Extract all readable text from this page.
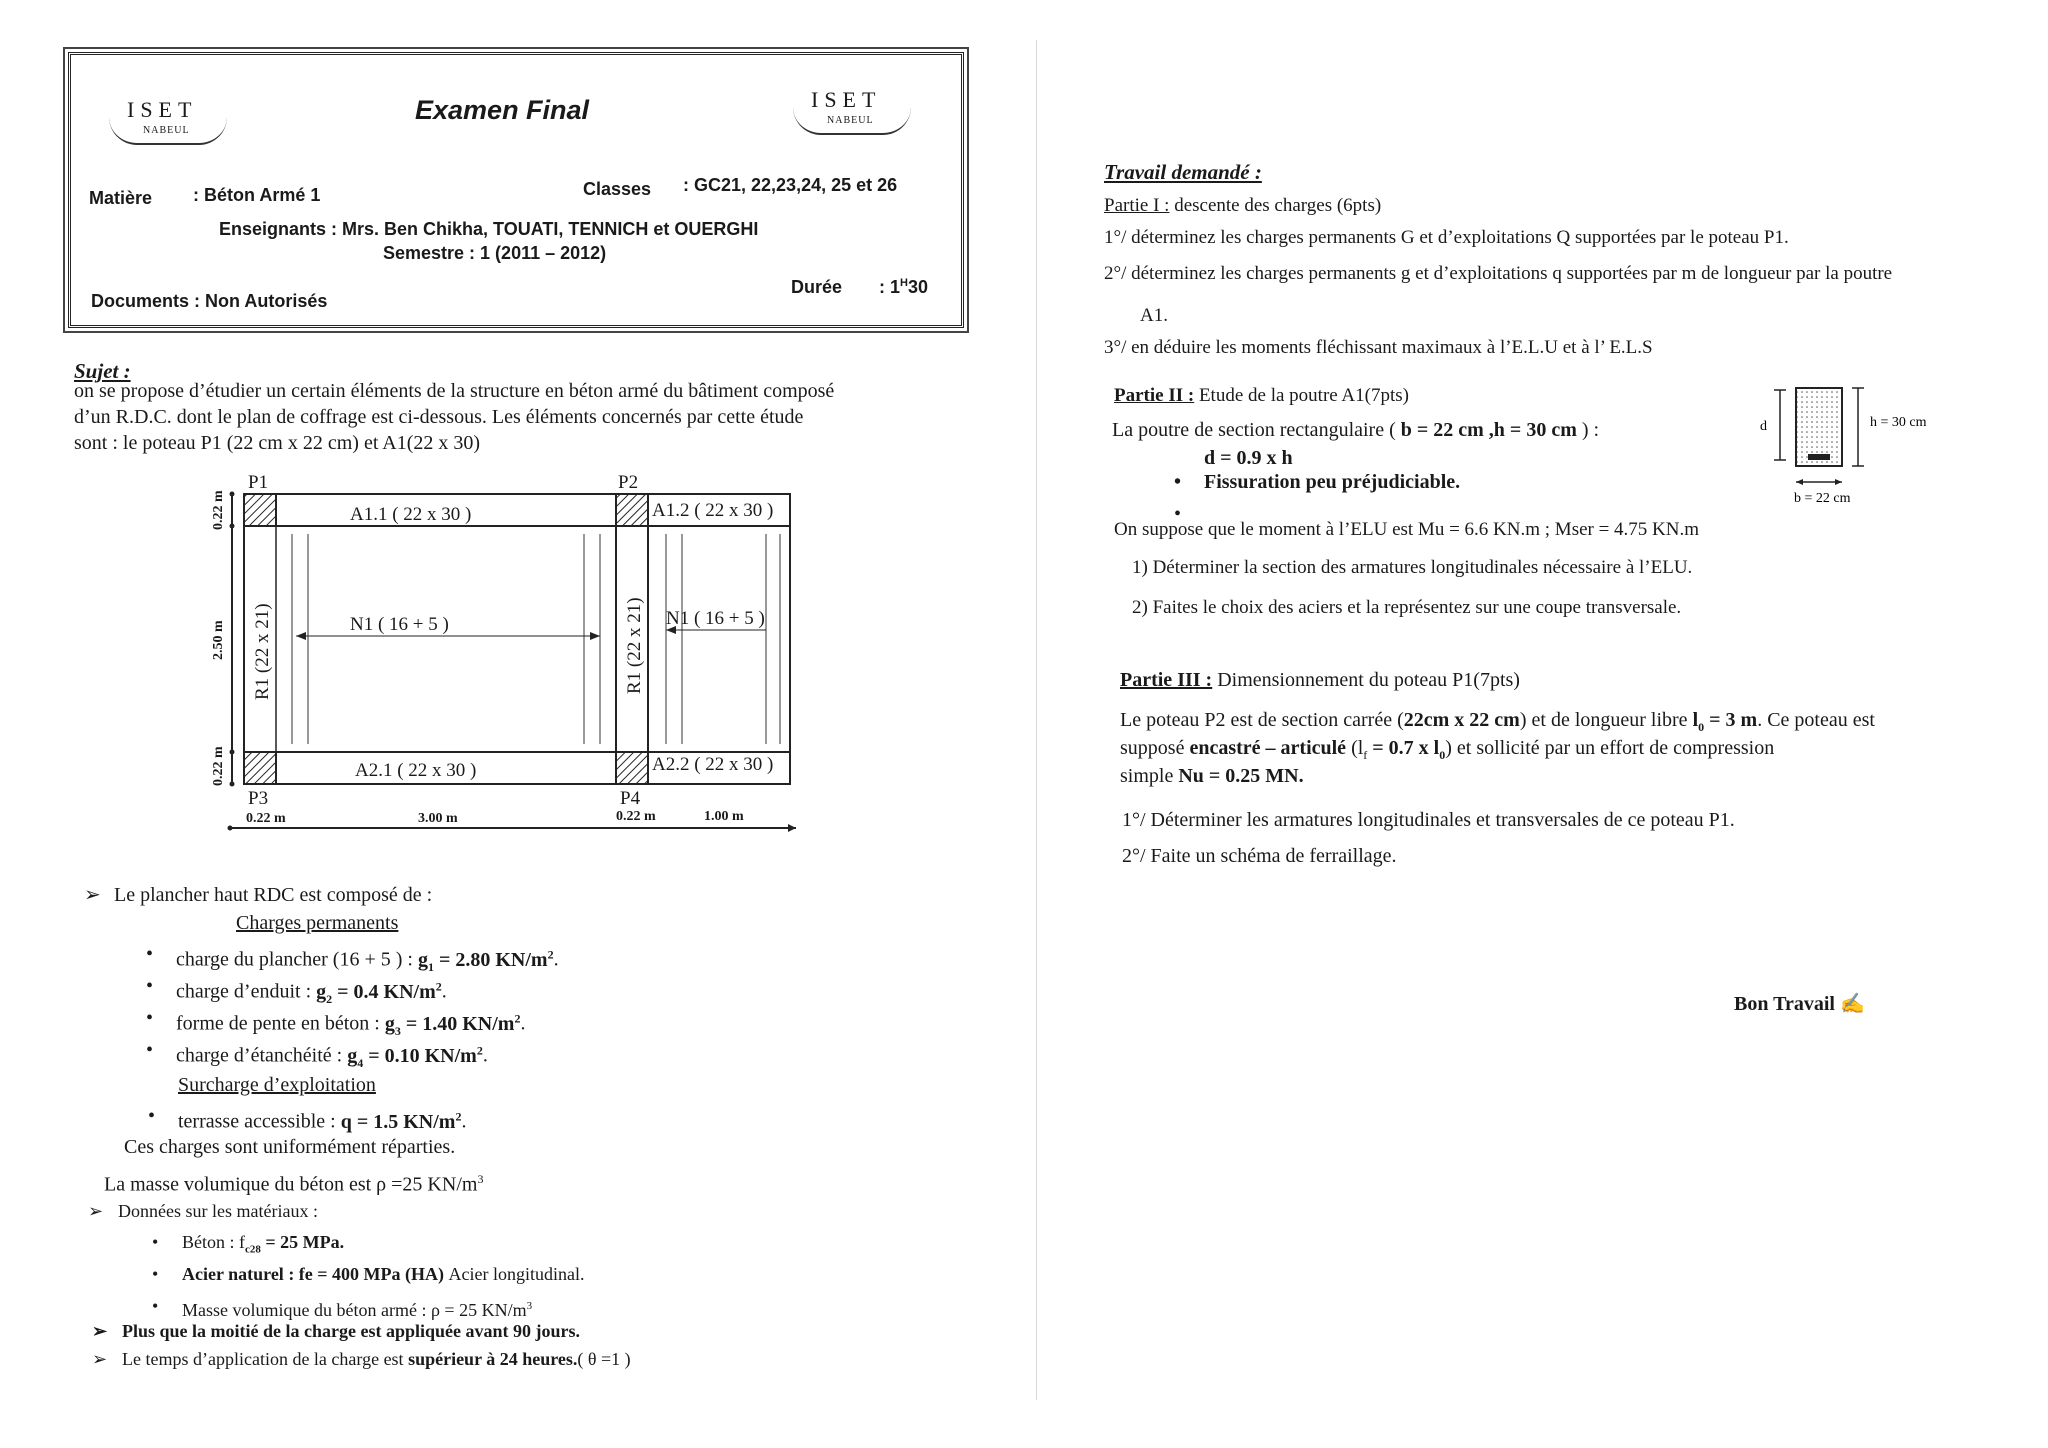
ISET
NABEUL
ISET
NABEUL
Examen Final
Matière : Béton Armé 1	Classes : GC21, 22,23,24, 25 et 26
Enseignants : Mrs. Ben Chikha, TOUATI, TENNICH et OUERGHI
Semestre : 1 (2011 – 2012)
Documents : Non Autorisés
Durée : $1^H30$
Sujet :
on se propose d’étudier un certain éléments de la structure en béton armé du bâtiment composé
d’un R.D.C. dont le plan de coffrage est ci-dessous. Les éléments concernés par cette étude
sont : le poteau P1 (22 cm x 22 cm) et A1(22 x 30)
P1	P2
P3	P4
A1.1 ( 22 x 30 )	A1.2 ( 22 x 30 )
A2.1 ( 22 x 30 )	A2.2 ( 22 x 30 )
N1 ( 16 + 5 )	N1 ( 16 + 5 )
R1 (22 x 21)	R1 (22 x 21)
0.22 m
2.50 m
0.22 m
0.22 m	3.00 m	0.22 m	1.00 m
➢ Le plancher haut RDC est composé de :
Charges permanents
• charge du plancher (16 + 5 ) : $g_1 = 2.80$ $KN/m^2$.
• charge d’enduit : $g_2 = 0.4$ $KN/m^2$.
• forme de pente en béton : $g_3 = 1.40$ $KN/m^2$.
• charge d’étanchéité : $g_4 = 0.10$ $KN/m^2$.
Surcharge d’exploitation
• terrasse accessible : q = 1.5 $KN/m^2$.
Ces charges sont uniformément réparties.
La masse volumique du béton est ρ =25 $KN/m^3$
➢ Données sur les matériaux :
• Béton : $f_{c28} = 25$ MPa.
• Acier naturel : fe = 400 MPa (HA) Acier longitudinal.
• Masse volumique du béton armé : ρ = 25 $KN/m^3$
➢ Plus que la moitié de la charge est appliquée avant 90 jours.
➢ Le temps d’application de la charge est supérieur à 24 heures.( θ =1 )
Travail demandé :
Partie I : descente des charges (6pts)
1°/ déterminez les charges permanents G et d’exploitations Q supportées par le poteau P1.
2°/ déterminez les charges permanents g et d’exploitations q supportées par m de longueur par la poutre
A1.
3°/ en déduire les moments fléchissant maximaux à l’E.L.U et à l’ E.L.S
Partie II : Etude de la poutre A1(7pts)
La poutre de section rectangulaire ( b = 22 cm ,h = 30 cm ) :
d = 0.9 x h
• Fissuration peu préjudiciable.
•
On suppose que le moment à l’ELU est Mu = 6.6 KN.m ; Mser = 4.75 KN.m
1) Déterminer la section des armatures longitudinales nécessaire à l’ELU.
2) Faites le choix des aciers et la représentez sur une coupe transversale.
d	h = 30 cm
b = 22 cm
Partie III : Dimensionnement du poteau P1(7pts)
Le poteau P2 est de section carrée (22cm x 22 cm) et de longueur libre $l_0 = 3$ m. Ce poteau est
supposé encastré – articulé ($l_f = 0.7$ x $l_0$) et sollicité par un effort de compression
simple Nu = 0.25 MN.
1°/ Déterminer les armatures longitudinales et transversales de ce poteau P1.
2°/ Faite un schéma de ferraillage.
Bon Travail ✍
